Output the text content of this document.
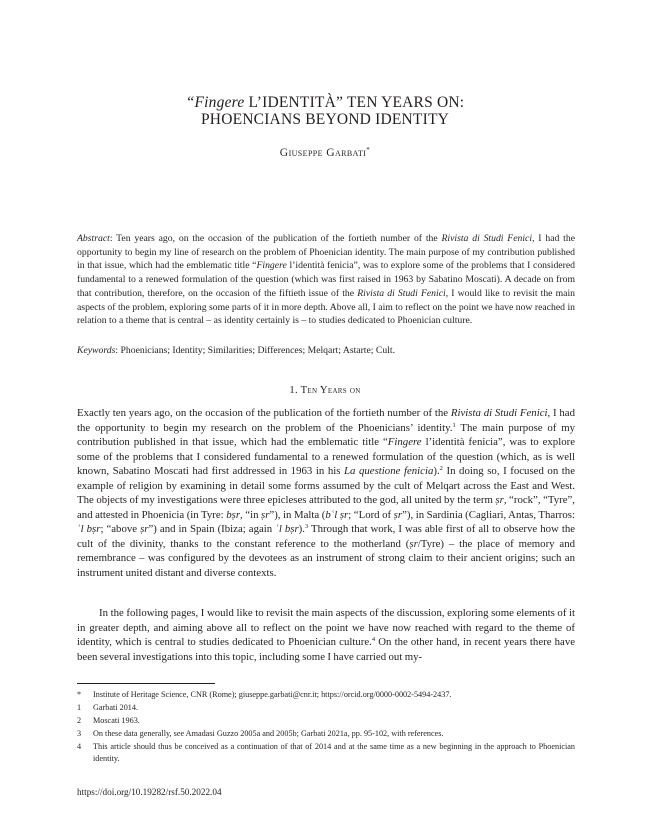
“Fingere L’IDENTITÀ” TEN YEARS ON:
PHOENCIANS BEYOND IDENTITY
Giuseppe Garbati*

Abstract: Ten years ago, on the occasion of the publication of the fortieth number of the Rivista di Studi Fenici, I had the opportunity to begin my line of research on the problem of Phoenician identity. The main purpose of my contribution published in that issue, which had the emblematic title “Fingere l’identità fenicia”, was to explore some of the problems that I considered fundamental to a renewed formulation of the question (which was first raised in 1963 by Sabatino Moscati). A decade on from that contribution, therefore, on the occasion of the fiftieth issue of the Rivista di Studi Fenici, I would like to revisit the main aspects of the problem, exploring some parts of it in more depth. Above all, I aim to reflect on the point we have now reached in relation to a theme that is central – as identity certainly is – to studies dedicated to Phoenician culture.

Keywords: Phoenicians; Identity; Similarities; Differences; Melqart; Astarte; Cult.

1. Ten Years on

Exactly ten years ago, on the occasion of the publication of the fortieth number of the Rivista di Studi Fenici, I had the opportunity to begin my research on the problem of the Phoenicians’ identity.$^1$ The main purpose of my contribution published in that issue, which had the emblematic title “Fingere l’identità fenicia”, was to explore some of the problems that I considered fundamental to a renewed formulation of the question (which, as is well known, Sabatino Moscati had first addressed in 1963 in his La questione fenicia).$^2$ In doing so, I focused on the example of religion by examining in detail some forms assumed by the cult of Melqart across the East and West. The objects of my investigations were three epicleses attributed to the god, all united by the term ṣr, “rock”, “Tyre”, and attested in Phoenicia (in Tyre: bṣr, “in ṣr”), in Malta (bʿl ṣr; “Lord of ṣr”), in Sardinia (Cagliari, Antas, Tharros: ʿl bṣr; “above ṣr”) and in Spain (Ibiza; again ʿl bṣr).$^3$ Through that work, I was able first of all to observe how the cult of the divinity, thanks to the constant reference to the motherland (ṣr/Tyre) – the place of memory and remembrance – was configured by the devotees as an instrument of strong claim to their ancient origins; such an instrument united distant and diverse contexts.

In the following pages, I would like to revisit the main aspects of the discussion, exploring some elements of it in greater depth, and aiming above all to reflect on the point we have now reached with regard to the theme of identity, which is central to studies dedicated to Phoenician culture.$^4$ On the other hand, in recent years there have been several investigations into this topic, including some I have carried out my-

*	Institute of Heritage Science, CNR (Rome); giuseppe.garbati@cnr.it; https://orcid.org/0000-0002-5494-2437.
1	Garbati 2014.
2	Moscati 1963.
3	On these data generally, see Amadasi Guzzo 2005a and 2005b; Garbati 2021a, pp. 95-102, with references.
4	This article should thus be conceived as a continuation of that of 2014 and at the same time as a new beginning in the approach to Phoenician identity.
https://doi.org/10.19282/rsf.50.2022.04
